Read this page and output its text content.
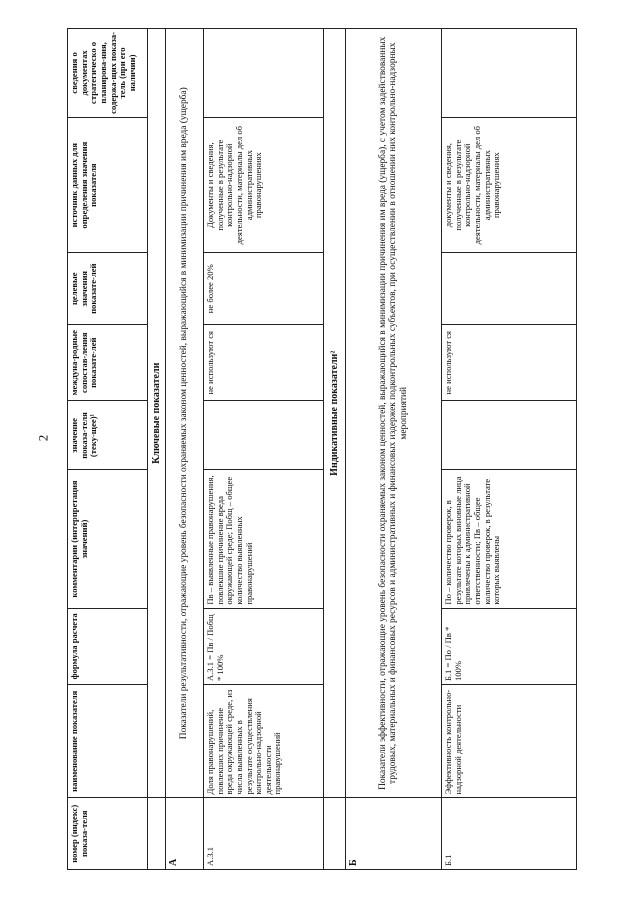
2
номер (индекс) показа-теля	наименование показателя	формула расчета	комментарии (интерпретация значений)	значение показа-теля (теку-щее)¹	междуна-родные сопостав-ления показате-лей	целевые значения показате-лей	источник данных для определения значения показателя	сведения о документах стратегическо о планирова-ния, содержа-щих показа-тель (при его наличии)
	Ключевые показатели							
А	Показатели результативности, отражающие уровень безопасности охраняемых законом ценностей, выражающийся в минимизации причинения им вреда (ущерба)							
А.3.1	Доля правонарушений, повлекших причинение вреда окружающей среде, из числа выявленных в результате осуществления контрольно-надзорной деятельности правонарушений	А.3.1 = Пв / Побщ * 100%	Пв – выявленные правонарушения, повлекшие причинение вреда окружающей среде; Побщ – общее количество выявленных правонарушений		не используют ся	не более 20%	Документы и сведения, полученные в результате контрольно-надзорной деятельности, материалы дел об административных правонарушениях	
	Индикативные показатели²							
Б	Показатели эффективности, отражающие уровень безопасности охраняемых законом ценностей, выражающийся в минимизации причинения им вреда (ущерба), с учетом задействованных трудовых, материальных и финансовых ресурсов и административных и финансовых издержек подконтрольных субъектов, при осуществлении в отношении них контрольно-надзорных мероприятий							
Б.1	Эффективность контрольно-надзорной деятельности	Б.1 = По / Пв * 100%	По – количество проверок, в результате которых виновные лица привлечены к административной ответственности; Пв – общее количество проверок, в результате которых выявлены		не используют ся		документы и сведения, полученные в результате контрольно-надзорной деятельности, материалы дел об административных правонарушениях	
